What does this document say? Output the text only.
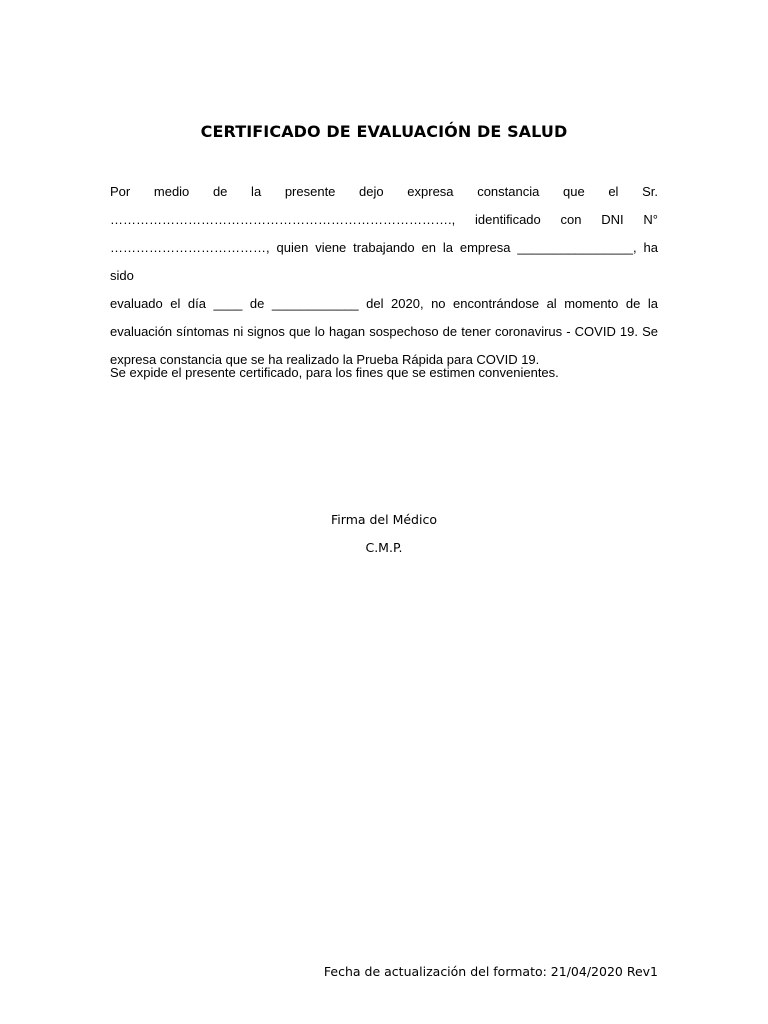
CERTIFICADO DE EVALUACIÓN DE SALUD
Por medio de la presente dejo expresa constancia que el Sr.
……………………………………………………………………., identificado con DNI N°
………………………………, quien viene trabajando en la empresa ________________, ha sido
evaluado el día ____ de ____________ del 2020, no encontrándose al momento de la
evaluación síntomas ni signos que lo hagan sospechoso de tener coronavirus - COVID 19. Se
expresa constancia que se ha realizado la Prueba Rápida para COVID 19.

Se expide el presente certificado, para los fines que se estimen convenientes.

Firma del Médico

C.M.P.

Fecha de actualización del formato: 21/04/2020 Rev1
